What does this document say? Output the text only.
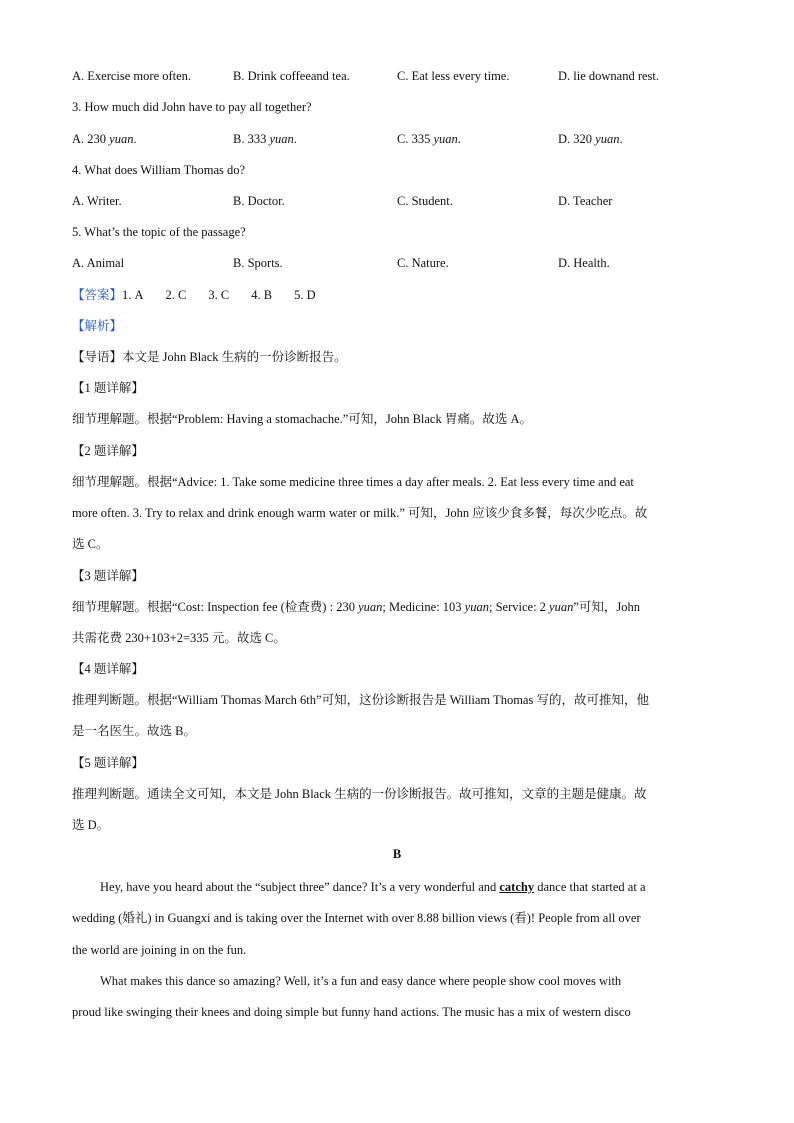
A. Exercise more often.	B. Drink coffeeand tea.	C. Eat less every time.	D. lie downand rest.
3. How much did John have to pay all together?
A. 230 yuan.	B. 333 yuan.	C. 335 yuan.	D. 320 yuan.
4. What does William Thomas do?
A. Writer.	B. Doctor.	C. Student.	D. Teacher
5. What’s the topic of the passage?
A. Animal	B. Sports.	C. Nature.	D. Health.
【答案】1. A 2. C 3. C 4. B 5. D
【解析】
【导语】本文是 John Black 生病的一份诊断报告。
【1 题详解】
细节理解题。根据“Problem: Having a stomachache.”可知，John Black 胃痛。故选 A。
【2 题详解】
细节理解题。根据“Advice: 1. Take some medicine three times a day after meals. 2. Eat less every time and eat
more often. 3. Try to relax and drink enough warm water or milk.” 可知，John 应该少食多餐，每次少吃点。故
选 C。
【3 题详解】
细节理解题。根据“Cost: Inspection fee (检查费) : 230 yuan; Medicine: 103 yuan; Service: 2 yuan”可知，John
共需花费 230+103+2=335 元。故选 C。
【4 题详解】
推理判断题。根据“William Thomas March 6th”可知，这份诊断报告是 William Thomas 写的，故可推知，他
是一名医生。故选 B。
【5 题详解】
推理判断题。通读全文可知，本文是 John Black 生病的一份诊断报告。故可推知，文章的主题是健康。故
选 D。
B
Hey, have you heard about the “subject three” dance? It’s a very wonderful and catchy dance that started at a
wedding (婚礼) in Guangxi and is taking over the Internet with over 8.88 billion views (看)! People from all over
the world are joining in on the fun.
What makes this dance so amazing? Well, it’s a fun and easy dance where people show cool moves with
proud like swinging their knees and doing simple but funny hand actions. The music has a mix of western disco
